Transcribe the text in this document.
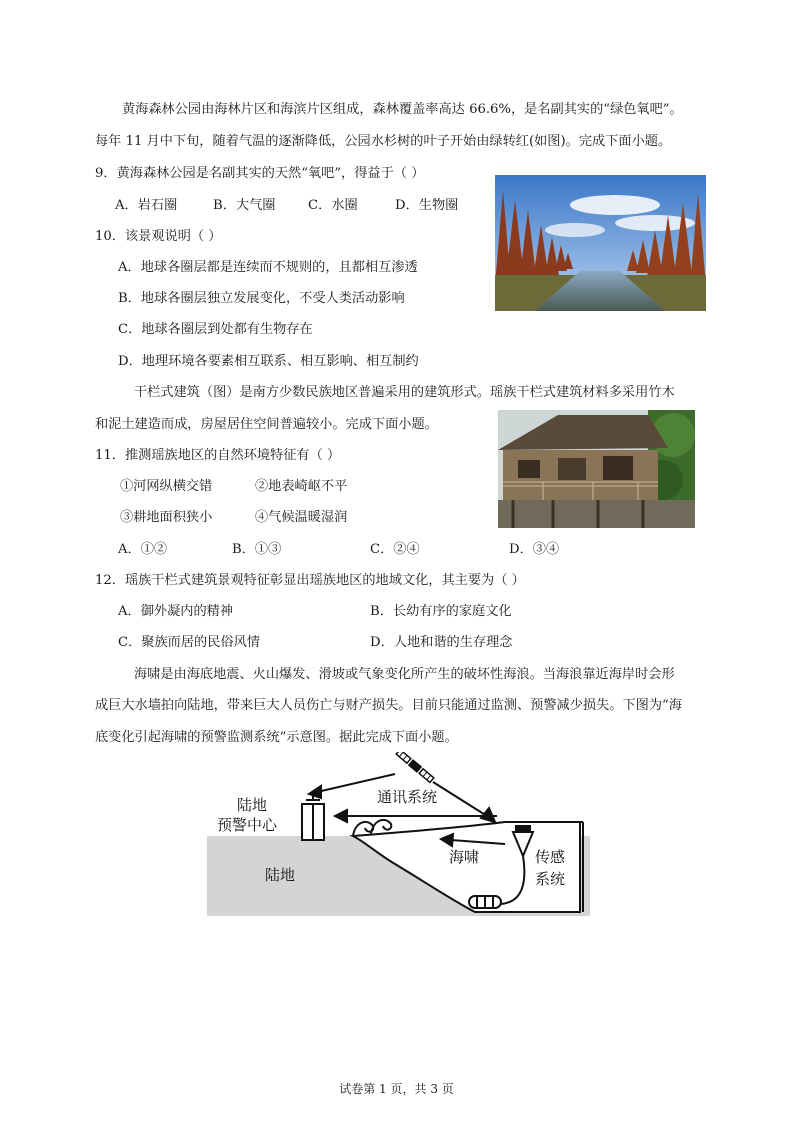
黄海森林公园由海林片区和海滨片区组成，森林覆盖率高达 66.6%，是名副其实的“绿色氧吧”。
每年 11 月中下旬，随着气温的逐渐降低，公园水杉树的叶子开始由绿转红(如图)。完成下面小题。
9．黄海森林公园是名副其实的天然“氧吧”，得益于（ ）
A．岩石圈	B．大气圈 C．水圈	D．生物圈
10．该景观说明（ ）
A．地球各圈层都是连续而不规则的，且都相互渗透
B．地球各圈层独立发展变化，不受人类活动影响
C．地球各圈层到处都有生物存在
D．地理环境各要素相互联系、相互影响、相互制约
干栏式建筑（图）是南方少数民族地区普遍采用的建筑形式。瑶族干栏式建筑材料多采用竹木
和泥土建造而成，房屋居住空间普遍较小。完成下面小题。
11．推测瑶族地区的自然环境特征有（ ）
①河网纵横交错	②地表崎岖不平
③耕地面积狭小	④气候温暖湿润
A．①②	B．①③	C．②④	D．③④
12．瑶族干栏式建筑景观特征彰显出瑶族地区的地域文化，其主要为（ ）
A．御外凝内的精神	B．长幼有序的家庭文化
C．聚族而居的民俗风情	D．人地和谐的生存理念
海啸是由海底地震、火山爆发、滑坡或气象变化所产生的破坏性海浪。当海浪靠近海岸时会形
成巨大水墙拍向陆地，带来巨大人员伤亡与财产损失。目前只能通过监测、预警减少损失。下图为“海
底变化引起海啸的预警监测系统”示意图。据此完成下面小题。
陆地
预警中心
通讯系统
海啸	传感
系统
陆地
试卷第 1 页，共 3 页
